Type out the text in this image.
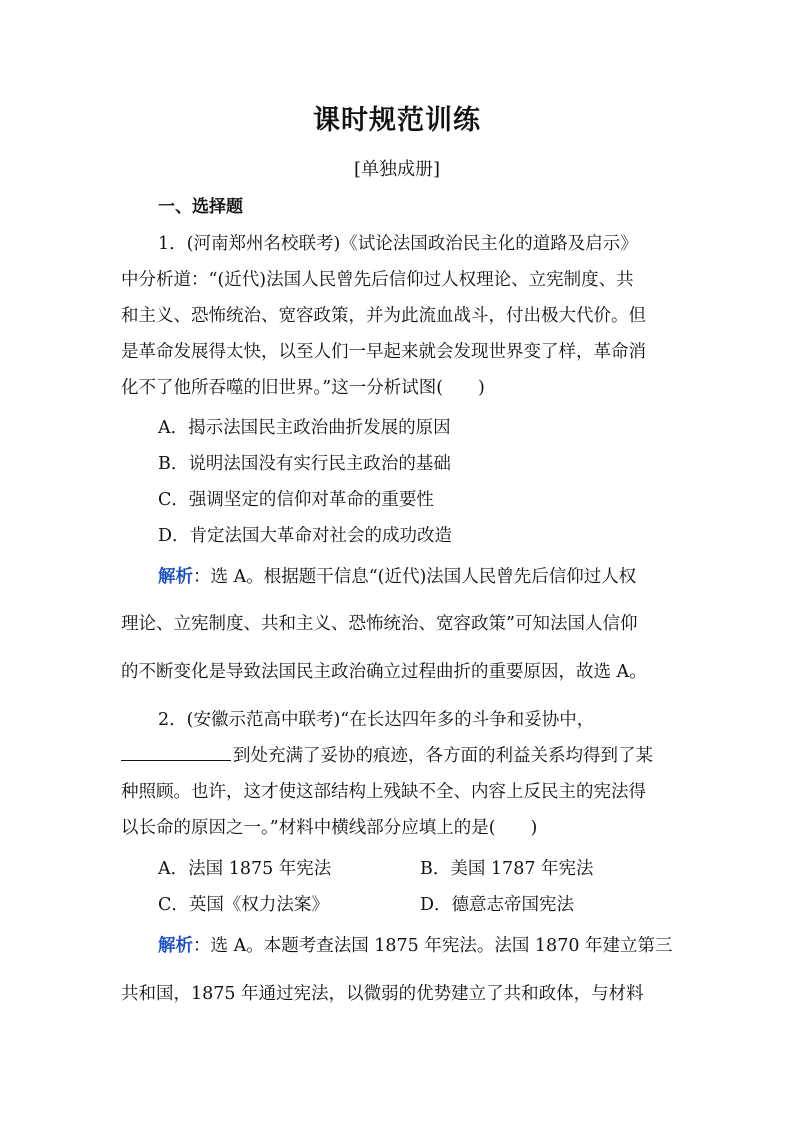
课时规范训练
[单独成册]
一、选择题
1．(河南郑州名校联考)《试论法国政治民主化的道路及启示》
中分析道：“(近代)法国人民曾先后信仰过人权理论、立宪制度、共
和主义、恐怖统治、宽容政策，并为此流血战斗，付出极大代价。但
是革命发展得太快，以至人们一早起来就会发现世界变了样，革命消
化不了他所吞噬的旧世界。”这一分析试图(　　)
A．揭示法国民主政治曲折发展的原因
B．说明法国没有实行民主政治的基础
C．强调坚定的信仰对革命的重要性
D．肯定法国大革命对社会的成功改造
解析：选 A。根据题干信息“(近代)法国人民曾先后信仰过人权
理论、立宪制度、共和主义、恐怖统治、宽容政策”可知法国人信仰
的不断变化是导致法国民主政治确立过程曲折的重要原因，故选 A。
2．(安徽示范高中联考)“在长达四年多的斗争和妥协中，
到处充满了妥协的痕迹，各方面的利益关系均得到了某
种照顾。也许，这才使这部结构上残缺不全、内容上反民主的宪法得
以长命的原因之一。”材料中横线部分应填上的是(　　)
A．法国 1875 年宪法	B．美国 1787 年宪法
C．英国《权力法案》	D．德意志帝国宪法
解析：选 A。本题考查法国 1875 年宪法。法国 1870 年建立第三
共和国，1875 年通过宪法，以微弱的优势建立了共和政体，与材料
